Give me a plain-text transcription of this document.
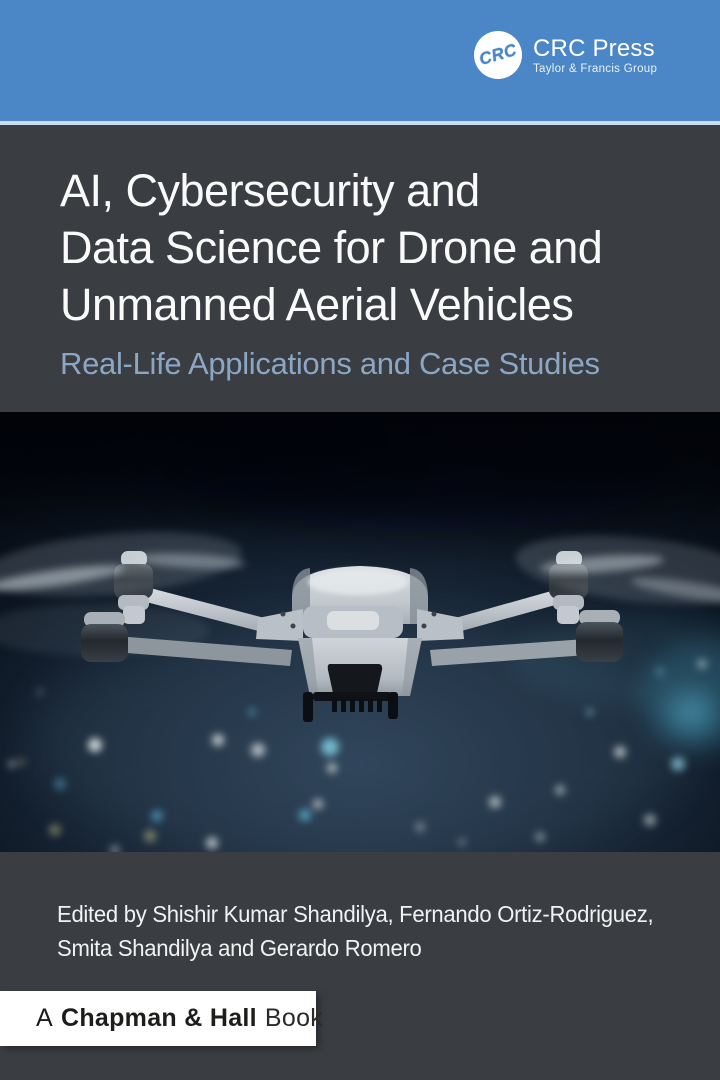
CRC CRC Press
Taylor & Francis Group
AI, Cybersecurity and
Data Science for Drone and
Unmanned Aerial Vehicles
Real-Life Applications and Case Studies
Edited by Shishir Kumar Shandilya, Fernando Ortiz-Rodriguez,
Smita Shandilya and Gerardo Romero
A Chapman & Hall Book
